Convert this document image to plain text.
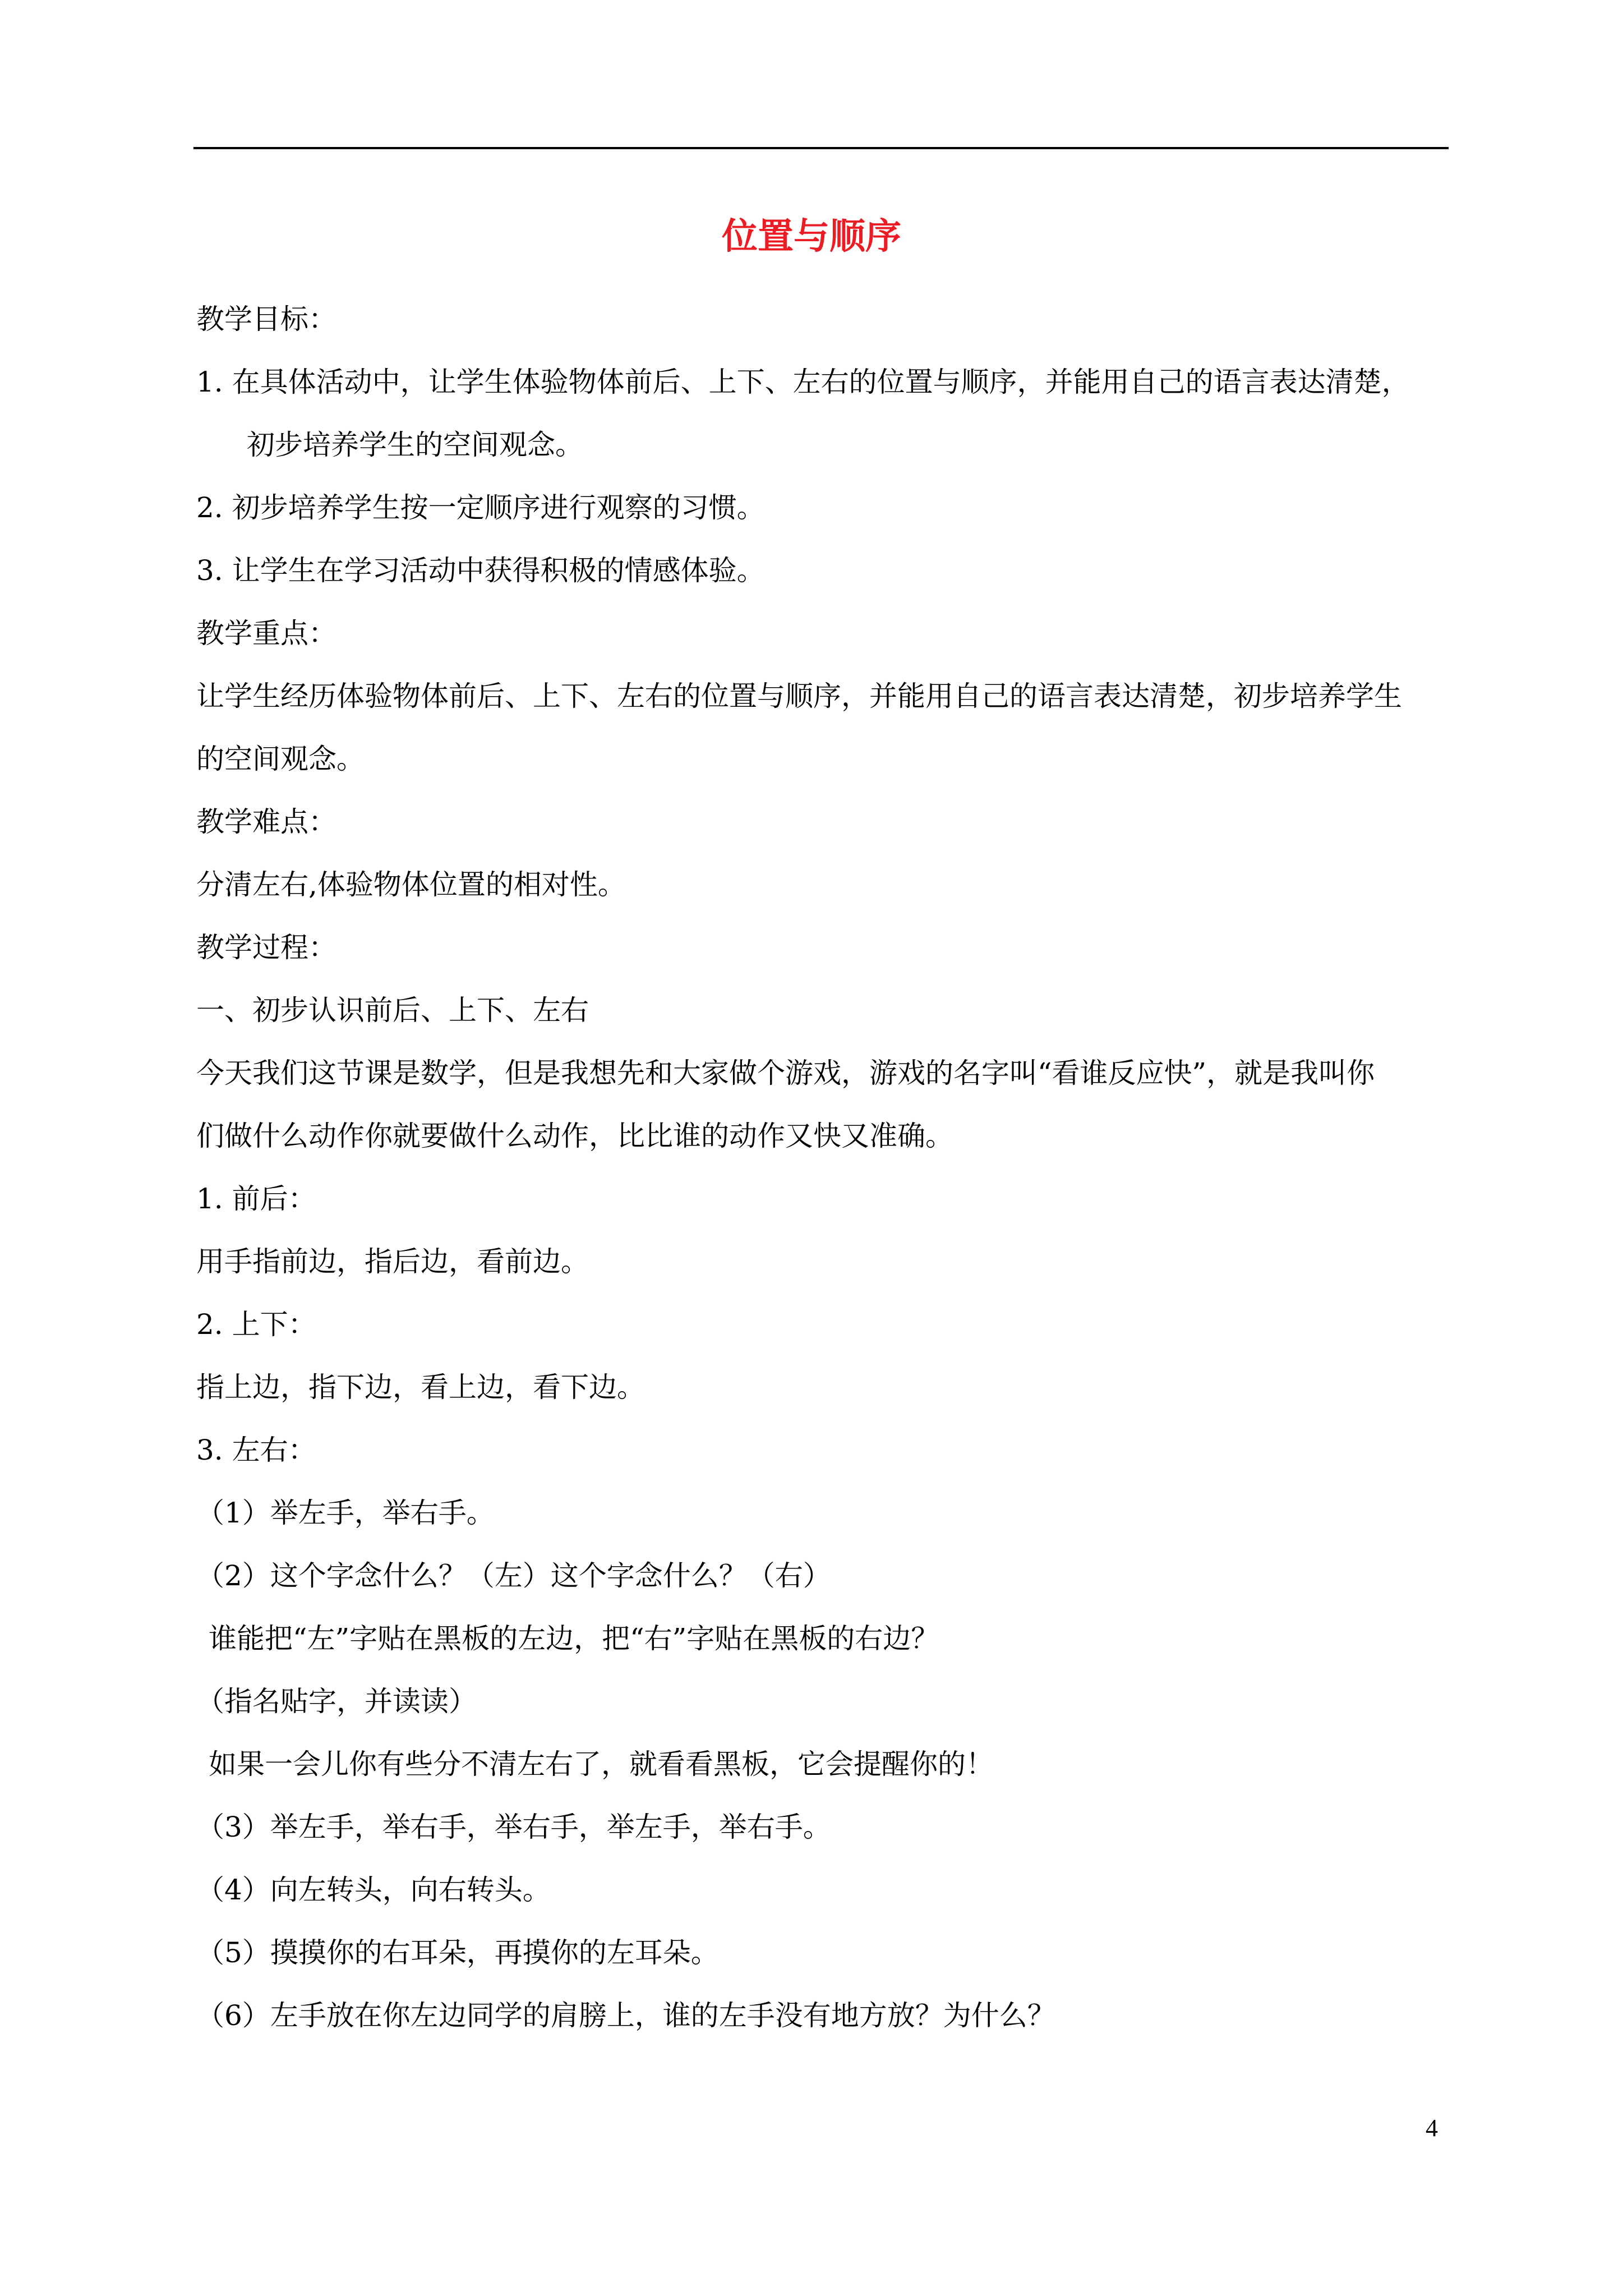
位置与顺序
教学目标：
1. 在具体活动中，让学生体验物体前后、上下、左右的位置与顺序，并能用自己的语言表达清楚，
初步培养学生的空间观念。
2. 初步培养学生按一定顺序进行观察的习惯。
3. 让学生在学习活动中获得积极的情感体验。
教学重点：
让学生经历体验物体前后、上下、左右的位置与顺序，并能用自己的语言表达清楚，初步培养学生
的空间观念。
教学难点：
分清左右,体验物体位置的相对性。
教学过程：
一、初步认识前后、上下、左右
今天我们这节课是数学，但是我想先和大家做个游戏，游戏的名字叫“看谁反应快”，就是我叫你
们做什么动作你就要做什么动作，比比谁的动作又快又准确。
1. 前后：
用手指前边，指后边，看前边。
2. 上下：
指上边，指下边，看上边，看下边。
3. 左右：
（1）举左手，举右手。
（2）这个字念什么？（左）这个字念什么？（右）
谁能把“左”字贴在黑板的左边，把“右”字贴在黑板的右边？
（指名贴字，并读读）
如果一会儿你有些分不清左右了，就看看黑板，它会提醒你的！
（3）举左手，举右手，举右手，举左手，举右手。
（4）向左转头，向右转头。
（5）摸摸你的右耳朵，再摸你的左耳朵。
（6）左手放在你左边同学的肩膀上，谁的左手没有地方放？为什么？
4
